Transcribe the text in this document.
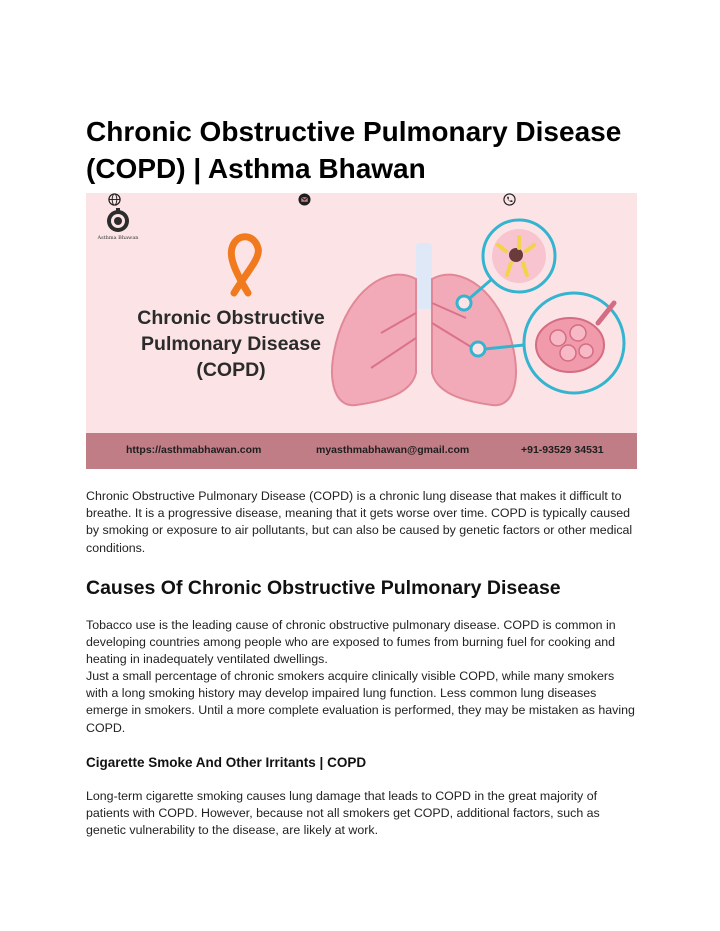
Chronic Obstructive Pulmonary Disease (COPD) | Asthma Bhawan
Asthma Bhawan
Chronic Obstructive
Pulmonary Disease
(COPD)
https://asthmabhawan.com	myasthmabhawan@gmail.com	+91-93529 34531

Chronic Obstructive Pulmonary Disease (COPD) is a chronic lung disease that makes it difficult to breathe. It is a progressive disease, meaning that it gets worse over time. COPD is typically caused by smoking or exposure to air pollutants, but can also be caused by genetic factors or other medical conditions.

Causes Of Chronic Obstructive Pulmonary Disease

Tobacco use is the leading cause of chronic obstructive pulmonary disease. COPD is common in developing countries among people who are exposed to fumes from burning fuel for cooking and heating in inadequately ventilated dwellings.

Just a small percentage of chronic smokers acquire clinically visible COPD, while many smokers with a long smoking history may develop impaired lung function. Less common lung diseases emerge in smokers. Until a more complete evaluation is performed, they may be mistaken as having COPD.

Cigarette Smoke And Other Irritants | COPD

Long-term cigarette smoking causes lung damage that leads to COPD in the great majority of patients with COPD. However, because not all smokers get COPD, additional factors, such as genetic vulnerability to the disease, are likely at work.
